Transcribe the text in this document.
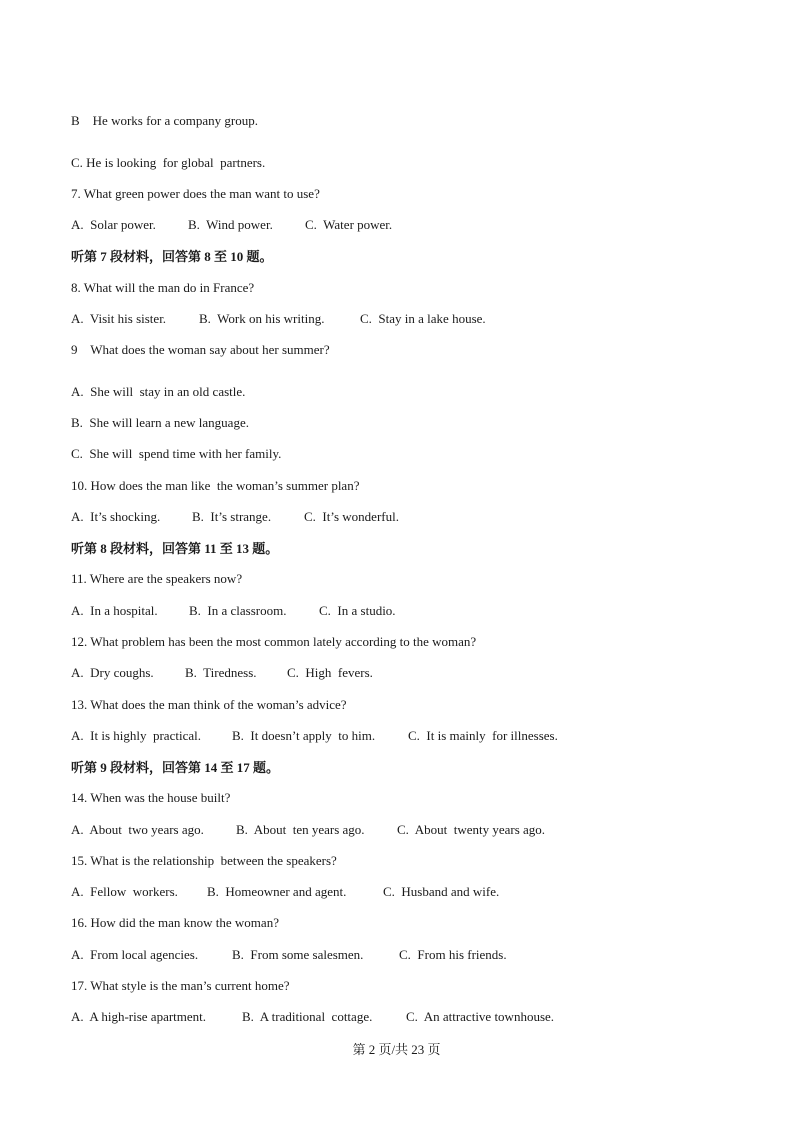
B    He works for a company group.
C. He is looking  for global  partners.
7. What green power does the man want to use?
A.  Solar power.	B.  Wind power.	C.  Water power.
听第 7 段材料，回答第 8 至 10 题。
8. What will the man do in France?
A.  Visit his sister.	B.  Work on his writing.	C.  Stay in a lake house.
9    What does the woman say about her summer?
A.  She will  stay in an old castle.
B.  She will learn a new language.
C.  She will  spend time with her family.
10. How does the man like  the woman’s summer plan?
A.  It’s shocking.	B.  It’s strange.	C.  It’s wonderful.
听第 8 段材料，回答第 11 至 13 题。
11. Where are the speakers now?
A.  In a hospital.	B.  In a classroom.	C.  In a studio.
12. What problem has been the most common lately according to the woman?
A.  Dry coughs.	B.  Tiredness.	C.  High  fevers.
13. What does the man think of the woman’s advice?
A.  It is highly  practical.	B.  It doesn’t apply  to him.	C.  It is mainly  for illnesses.
听第 9 段材料，回答第 14 至 17 题。
14. When was the house built?
A.  About  two years ago.	B.  About  ten years ago.	C.  About  twenty years ago.
15. What is the relationship  between the speakers?
A.  Fellow  workers.	B.  Homeowner and agent.	C.  Husband and wife.
16. How did the man know the woman?
A.  From local agencies.	B.  From some salesmen.	C.  From his friends.
17. What style is the man’s current home?
A.  A high-rise apartment.	B.  A traditional  cottage.	C.  An attractive townhouse.
第 2 页/共 23 页
